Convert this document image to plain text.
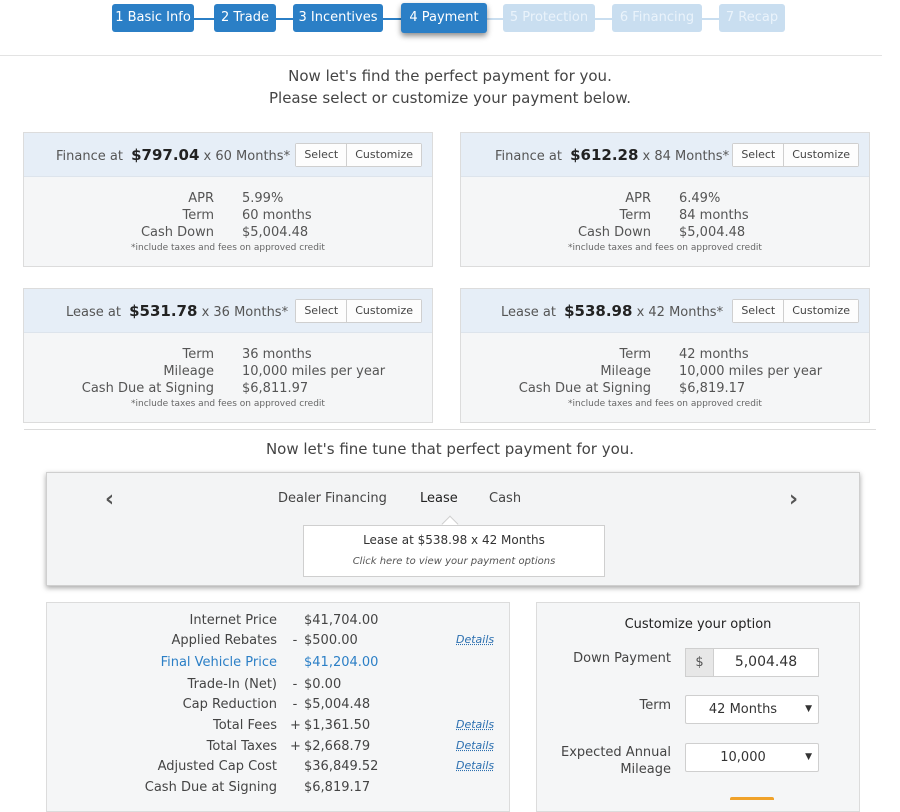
1 Basic Info	2 Trade	3 Incentives	4 Payment	5 Protection	6 Financing	7 Recap
Now let's find the perfect payment for you.
Please select or customize your payment below.
Finance at $797.04 x 60 Months*	Select	Customize
APR 5.99%
Term 60 months
Cash Down $5,004.48
*include taxes and fees on approved credit
Finance at $612.28 x 84 Months*	Select	Customize
APR 6.49%
Term 84 months
Cash Down $5,004.48
*include taxes and fees on approved credit
Lease at $531.78 x 36 Months*	Select	Customize
Term 36 months
Mileage 10,000 miles per year
Cash Due at Signing $6,811.97
*include taxes and fees on approved credit
Lease at $538.98 x 42 Months*	Select	Customize
Term 42 months
Mileage 10,000 miles per year
Cash Due at Signing $6,819.17
*include taxes and fees on approved credit
Now let's fine tune that perfect payment for you.
‹	›
Dealer Financing	Lease Cash
Lease at $538.98 x 42 Months
Click here to view your payment options
Internet Price $41,704.00
Applied Rebates - $500.00	Details
Final Vehicle Price $41,204.00
Trade-In (Net) - $0.00
Cap Reduction - $5,004.48
Total Fees + $1,361.50	Details
Total Taxes + $2,668.79	Details
Adjusted Cap Cost $36,849.52	Details
Cash Due at Signing $6,819.17
Customize your option
Down Payment	$	5,004.48
Term	42 Months	▼
Expected Annual
Mileage
10,000	▼
